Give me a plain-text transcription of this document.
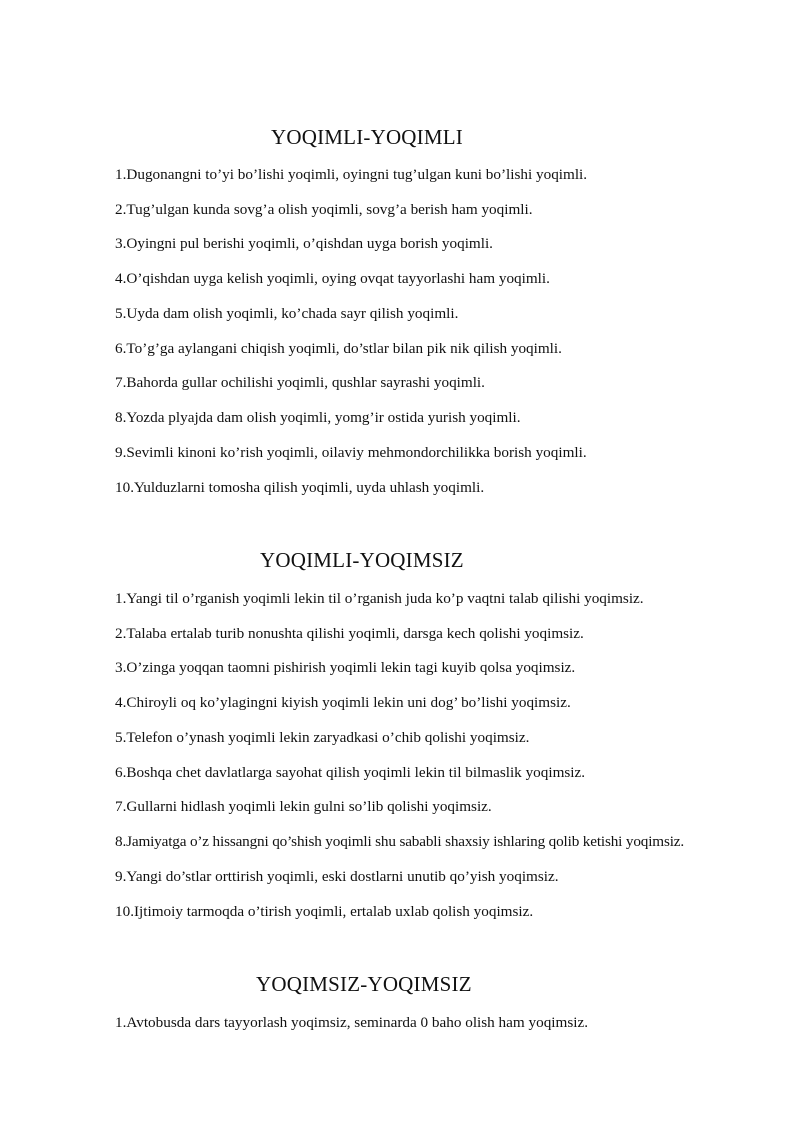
YOQIMLI-YOQIMLI
1.Dugonangni to’yi bo’lishi yoqimli, oyingni tug’ulgan kuni bo’lishi yoqimli.
2.Tug’ulgan kunda sovg’a olish yoqimli, sovg’a berish ham yoqimli.
3.Oyingni pul berishi yoqimli, o’qishdan uyga borish yoqimli.
4.O’qishdan uyga kelish yoqimli, oying ovqat tayyorlashi ham yoqimli.
5.Uyda dam olish yoqimli, ko’chada sayr qilish yoqimli.
6.To’g’ga aylangani chiqish yoqimli, do’stlar bilan pik nik qilish yoqimli.
7.Bahorda gullar ochilishi yoqimli, qushlar sayrashi yoqimli.
8.Yozda plyajda dam olish yoqimli, yomg’ir ostida yurish yoqimli.
9.Sevimli kinoni ko’rish yoqimli, oilaviy mehmondorchilikka borish yoqimli.
10.Yulduzlarni tomosha qilish yoqimli, uyda uhlash yoqimli.
YOQIMLI-YOQIMSIZ
1.Yangi til o’rganish yoqimli lekin til o’rganish juda ko’p vaqtni talab qilishi yoqimsiz.
2.Talaba ertalab turib nonushta qilishi yoqimli, darsga kech qolishi yoqimsiz.
3.O’zinga yoqqan taomni pishirish yoqimli lekin tagi kuyib qolsa yoqimsiz.
4.Chiroyli oq ko’ylagingni kiyish yoqimli lekin uni dog’ bo’lishi yoqimsiz.
5.Telefon o’ynash yoqimli lekin zaryadkasi o’chib qolishi yoqimsiz.
6.Boshqa chet davlatlarga sayohat qilish yoqimli lekin til bilmaslik yoqimsiz.
7.Gullarni hidlash yoqimli lekin gulni so’lib qolishi yoqimsiz.
8.Jamiyatga o’z hissangni qo’shish yoqimli shu sababli shaxsiy ishlaring qolib ketishi yoqimsiz.
9.Yangi do’stlar orttirish yoqimli, eski dostlarni unutib qo’yish yoqimsiz.
10.Ijtimoiy tarmoqda o’tirish yoqimli, ertalab uxlab qolish yoqimsiz.
YOQIMSIZ-YOQIMSIZ
1.Avtobusda dars tayyorlash yoqimsiz, seminarda 0 baho olish ham yoqimsiz.
